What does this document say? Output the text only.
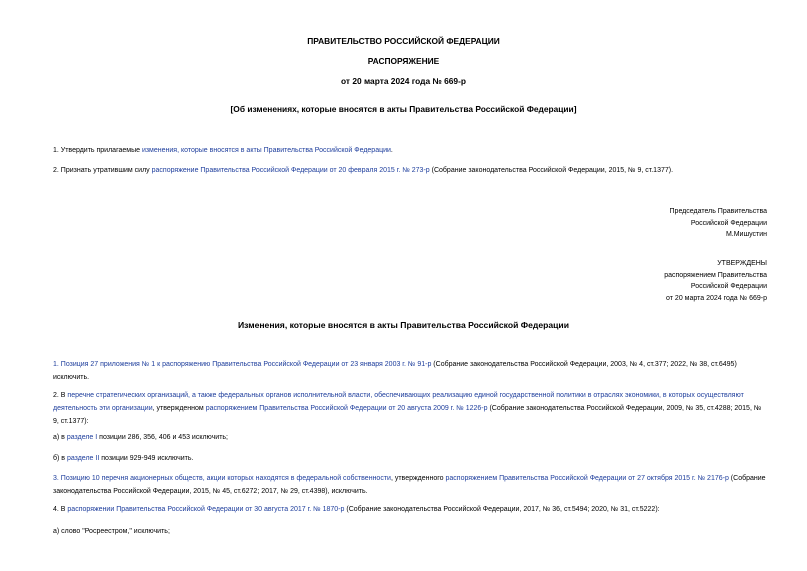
ПРАВИТЕЛЬСТВО РОССИЙСКОЙ ФЕДЕРАЦИИ
РАСПОРЯЖЕНИЕ
от 20 марта 2024 года № 669-р
[Об изменениях, которые вносятся в акты Правительства Российской Федерации]
1. Утвердить прилагаемые изменения, которые вносятся в акты Правительства Российской Федерации.
2. Признать утратившим силу распоряжение Правительства Российской Федерации от 20 февраля 2015 г. № 273-р (Собрание законодательства Российской Федерации, 2015, № 9, ст.1377).
Председатель Правительства
Российской Федерации
М.Мишустин
УТВЕРЖДЕНЫ
распоряжением Правительства
Российской Федерации
от 20 марта 2024 года № 669-р
Изменения, которые вносятся в акты Правительства Российской Федерации
1. Позиция 27 приложения № 1 к распоряжению Правительства Российской Федерации от 23 января 2003 г. № 91-р (Собрание законодательства Российской Федерации, 2003, № 4, ст.377; 2022, № 38, ст.6495) исключить.
2. В перечне стратегических организаций, а также федеральных органов исполнительной власти, обеспечивающих реализацию единой государственной политики в отраслях экономики, в которых осуществляют деятельность эти организации, утвержденном распоряжением Правительства Российской Федерации от 20 августа 2009 г. № 1226-р (Собрание законодательства Российской Федерации, 2009, № 35, ст.4288; 2015, № 9, ст.1377):
а) в разделе I позиции 286, 356, 406 и 453 исключить;
б) в разделе II позиции 929-949 исключить.
3. Позицию 10 перечня акционерных обществ, акции которых находятся в федеральной собственности, утвержденного распоряжением Правительства Российской Федерации от 27 октября 2015 г. № 2176-р (Собрание законодательства Российской Федерации, 2015, № 45, ст.6272; 2017, № 29, ст.4398), исключить.
4. В распоряжении Правительства Российской Федерации от 30 августа 2017 г. № 1870-р (Собрание законодательства Российской Федерации, 2017, № 36, ст.5494; 2020, № 31, ст.5222):
а) слово "Росреестром," исключить;
